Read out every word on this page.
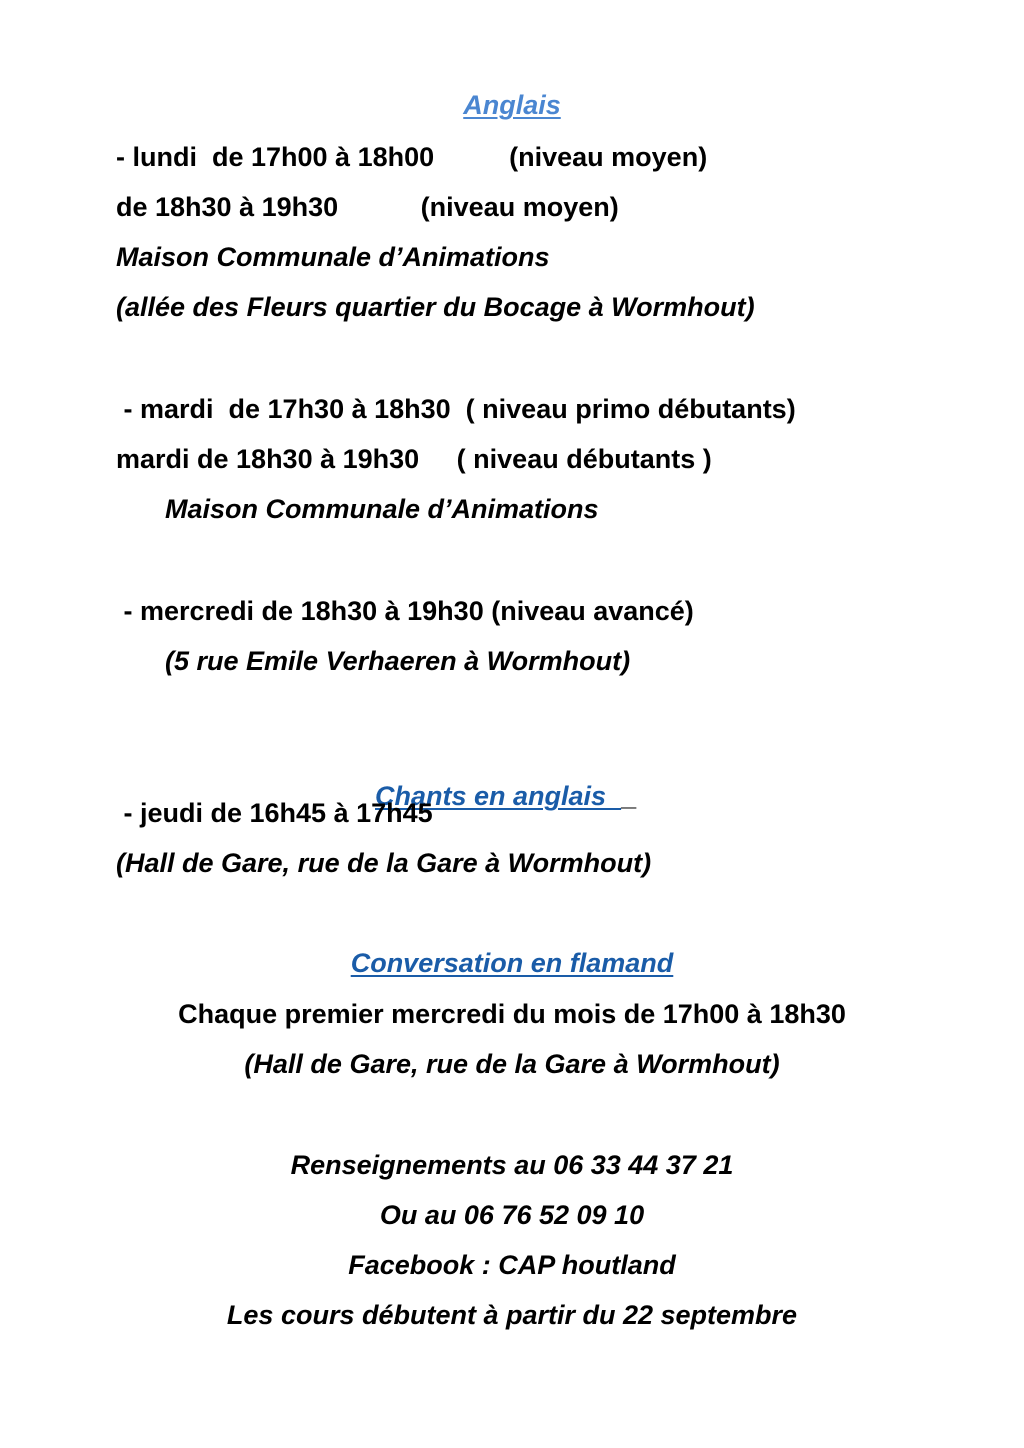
Anglais
- lundi  de 17h00 à 18h00          (niveau moyen)
de 18h30 à 19h30           (niveau moyen)
Maison Communale d’Animations
(allée des Fleurs quartier du Bocage à Wormhout)
- mardi  de 17h30 à 18h30  ( niveau primo débutants)
mardi de 18h30 à 19h30     ( niveau débutants )
Maison Communale d’Animations
- mercredi de 18h30 à 19h30 (niveau avancé)
(5 rue Emile Verhaeren à Wormhout)

Chants en anglais  _

- jeudi de 16h45 à 17h45
(Hall de Gare, rue de la Gare à Wormhout)
Conversation en flamand
Chaque premier mercredi du mois de 17h00 à 18h30
(Hall de Gare, rue de la Gare à Wormhout)
Renseignements au 06 33 44 37 21
Ou au 06 76 52 09 10
Facebook : CAP houtland
Les cours débutent à partir du 22 septembre
